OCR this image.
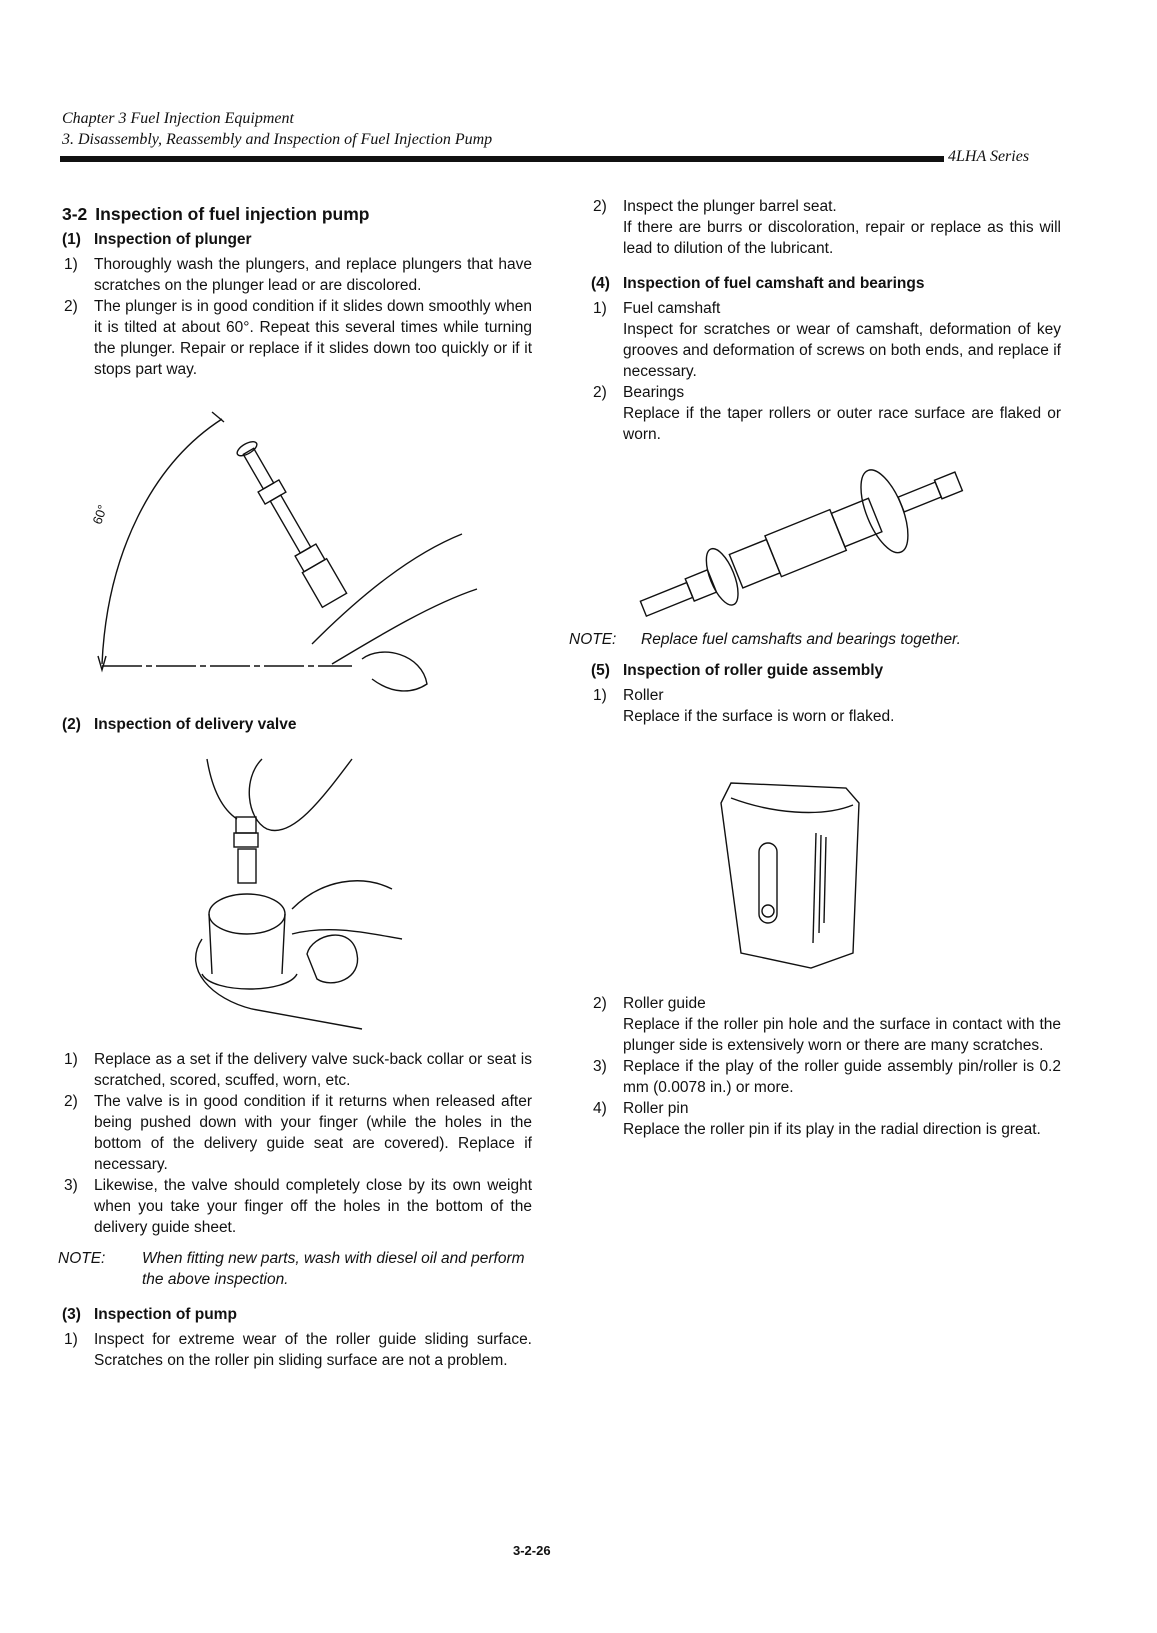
Chapter 3 Fuel Injection Equipment
3. Disassembly, Reassembly and Inspection of Fuel Injection Pump
4LHA Series
3-2 Inspection of fuel injection pump
(1) Inspection of plunger
1)	Thoroughly wash the plungers, and replace plungers that have scratches on the plunger lead or are discolored.
2)	The plunger is in good condition if it slides down smoothly when it is tilted at about 60°. Repeat this several times while turning the plunger. Repair or replace if it slides down too quickly or if it stops part way.
60°
(2) Inspection of delivery valve
1)	Replace as a set if the delivery valve suck-back collar or seat is scratched, scored, scuffed, worn, etc.
2)	The valve is in good condition if it returns when released after being pushed down with your finger (while the holes in the bottom of the delivery guide seat are covered). Replace if necessary.
3)	Likewise, the valve should completely close by its own weight when you take your finger off the holes in the bottom of the delivery guide sheet.
NOTE:	When fitting new parts, wash with diesel oil and perform the above inspection.
(3) Inspection of pump
1)	Inspect for extreme wear of the roller guide sliding surface. Scratches on the roller pin sliding surface are not a problem.
2)	Inspect the plunger barrel seat.
If there are burrs or discoloration, repair or replace as this will lead to dilution of the lubricant.
(4) Inspection of fuel camshaft and bearings
1)	Fuel camshaft
Inspect for scratches or wear of camshaft, deformation of key grooves and deformation of screws on both ends, and replace if necessary.
2)	Bearings
Replace if the taper rollers or outer race surface are flaked or worn.
NOTE:	Replace fuel camshafts and bearings together.
(5) Inspection of roller guide assembly
1)	Roller
Replace if the surface is worn or flaked.
2)	Roller guide
Replace if the roller pin hole and the surface in contact with the plunger side is extensively worn or there are many scratches.
3)	Replace if the play of the roller guide assembly pin/roller is 0.2 mm (0.0078 in.) or more.
4)	Roller pin
Replace the roller pin if its play in the radial direction is great.
3-2-26
